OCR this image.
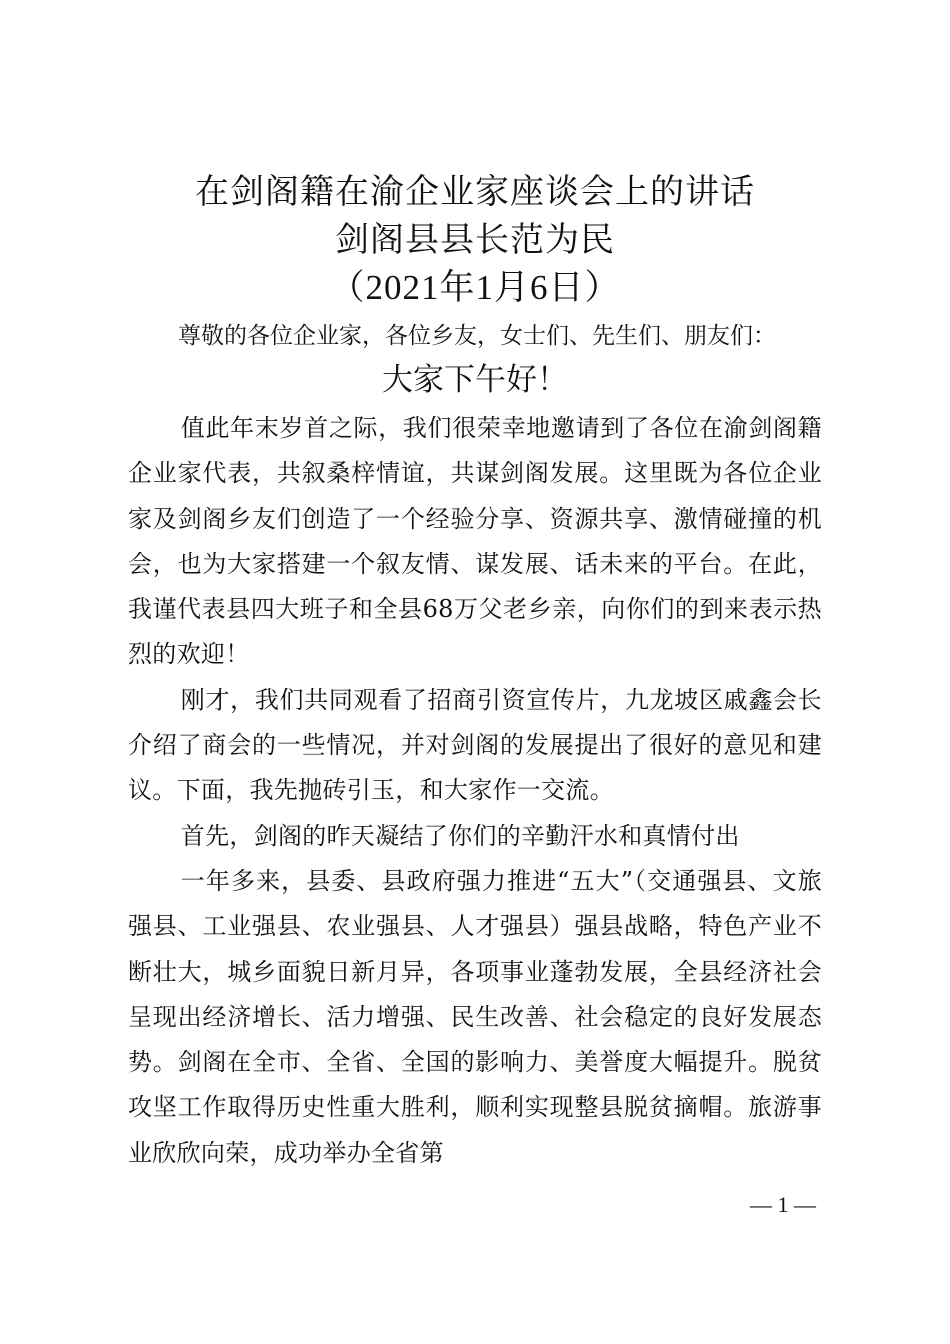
在剑阁籍在渝企业家座谈会上的讲话
剑阁县县长范为民
（2021年1月6日）
尊敬的各位企业家，各位乡友，女士们、先生们、朋友们：
大家下午好！

值此年末岁首之际，我们很荣幸地邀请到了各位在渝剑阁籍企业家代表，共叙桑梓情谊，共谋剑阁发展。这里既为各位企业家及剑阁乡友们创造了一个经验分享、资源共享、激情碰撞的机会，也为大家搭建一个叙友情、谋发展、话未来的平台。在此，我谨代表县四大班子和全县68万父老乡亲，向你们的到来表示热烈的欢迎！

刚才，我们共同观看了招商引资宣传片，九龙坡区戚鑫会长介绍了商会的一些情况，并对剑阁的发展提出了很好的意见和建议。下面，我先抛砖引玉，和大家作一交流。

首先，剑阁的昨天凝结了你们的辛勤汗水和真情付出

一年多来，县委、县政府强力推进“五大”（交通强县、文旅强县、工业强县、农业强县、人才强县）强县战略，特色产业不断壮大，城乡面貌日新月异，各项事业蓬勃发展，全县经济社会呈现出经济增长、活力增强、民生改善、社会稳定的良好发展态势。剑阁在全市、全省、全国的影响力、美誉度大幅提升。脱贫攻坚工作取得历史性重大胜利，顺利实现整县脱贫摘帽。旅游事业欣欣向荣，成功举办全省第

— 1 —
